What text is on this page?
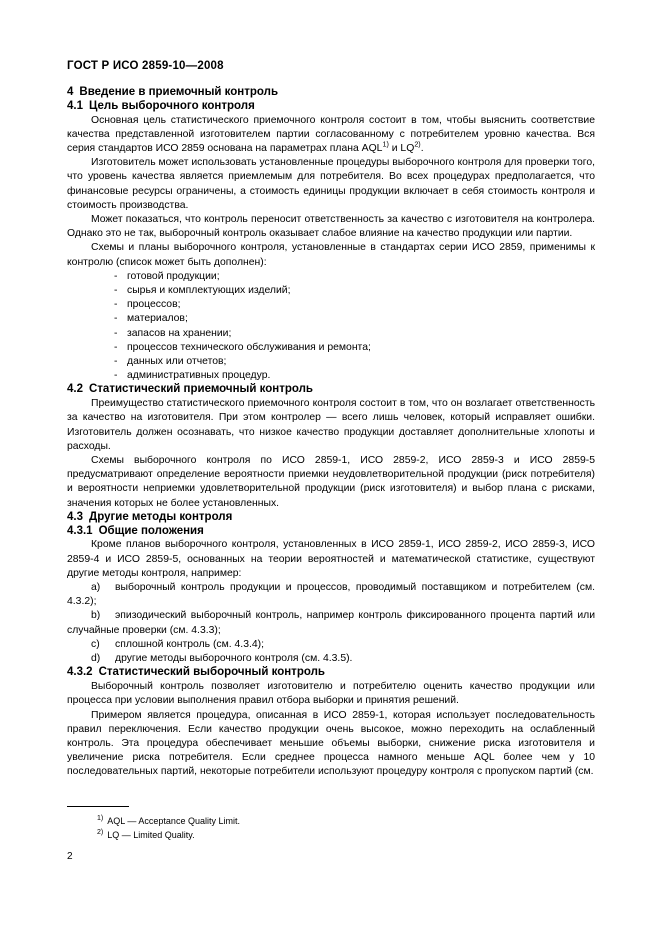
ГОСТ Р ИСО 2859-10—2008
4 Введение в приемочный контроль
4.1 Цель выборочного контроля

Основная цель статистического приемочного контроля состоит в том, чтобы выяснить соответствие качества представленной изготовителем партии согласованному с потребителем уровню качества. Вся серия стандартов ИСО 2859 основана на параметрах плана AQL$^{1)}$ и LQ$^{2)}$.

Изготовитель может использовать установленные процедуры выборочного контроля для проверки того, что уровень качества является приемлемым для потребителя. Во всех процедурах предполагается, что финансовые ресурсы ограничены, а стоимость единицы продукции включает в себя стоимость контроля и стоимость производства.

Может показаться, что контроль переносит ответственность за качество с изготовителя на контролера. Однако это не так, выборочный контроль оказывает слабое влияние на качество продукции или партии.

Схемы и планы выборочного контроля, установленные в стандартах серии ИСО 2859, применимы к контролю (список может быть дополнен):

- готовой продукции;
- сырья и комплектующих изделий;
- процессов;
- материалов;
- запасов на хранении;
- процессов технического обслуживания и ремонта;
- данных или отчетов;
- административных процедур.
4.2 Статистический приемочный контроль

Преимущество статистического приемочного контроля состоит в том, что он возлагает ответственность за качество на изготовителя. При этом контролер — всего лишь человек, который исправляет ошибки. Изготовитель должен осознавать, что низкое качество продукции доставляет дополнительные хлопоты и расходы.

Схемы выборочного контроля по ИСО 2859-1, ИСО 2859-2, ИСО 2859-3 и ИСО 2859-5 предусматривают определение вероятности приемки неудовлетворительной продукции (риск потребителя) и вероятности неприемки удовлетворительной продукции (риск изготовителя) и выбор плана с рисками, значения которых не более установленных.

4.3 Другие методы контроля
4.3.1 Общие положения

Кроме планов выборочного контроля, установленных в ИСО 2859-1, ИСО 2859-2, ИСО 2859-3, ИСО 2859-4 и ИСО 2859-5, основанных на теории вероятностей и математической статистике, существуют другие методы контроля, например:

a) выборочный контроль продукции и процессов, проводимый поставщиком и потребителем (см. 4.3.2);

b) эпизодический выборочный контроль, например контроль фиксированного процента партий или случайные проверки (см. 4.3.3);

c) сплошной контроль (см. 4.3.4);

d) другие методы выборочного контроля (см. 4.3.5).

4.3.2 Статистический выборочный контроль

Выборочный контроль позволяет изготовителю и потребителю оценить качество продукции или процесса при условии выполнения правил отбора выборки и принятия решений.

Примером является процедура, описанная в ИСО 2859-1, которая использует последовательность правил переключения. Если качество продукции очень высокое, можно переходить на ослабленный контроль. Эта процедура обеспечивает меньшие объемы выборки, снижение риска изготовителя и увеличение риска потребителя. Если среднее процесса намного меньше AQL более чем у 10 последовательных партий, некоторые потребители используют процедуру контроля с пропуском партий (см.

$^{1)}$ AQL — Acceptance Quality Limit.
$^{2)}$ LQ — Limited Quality.
2
